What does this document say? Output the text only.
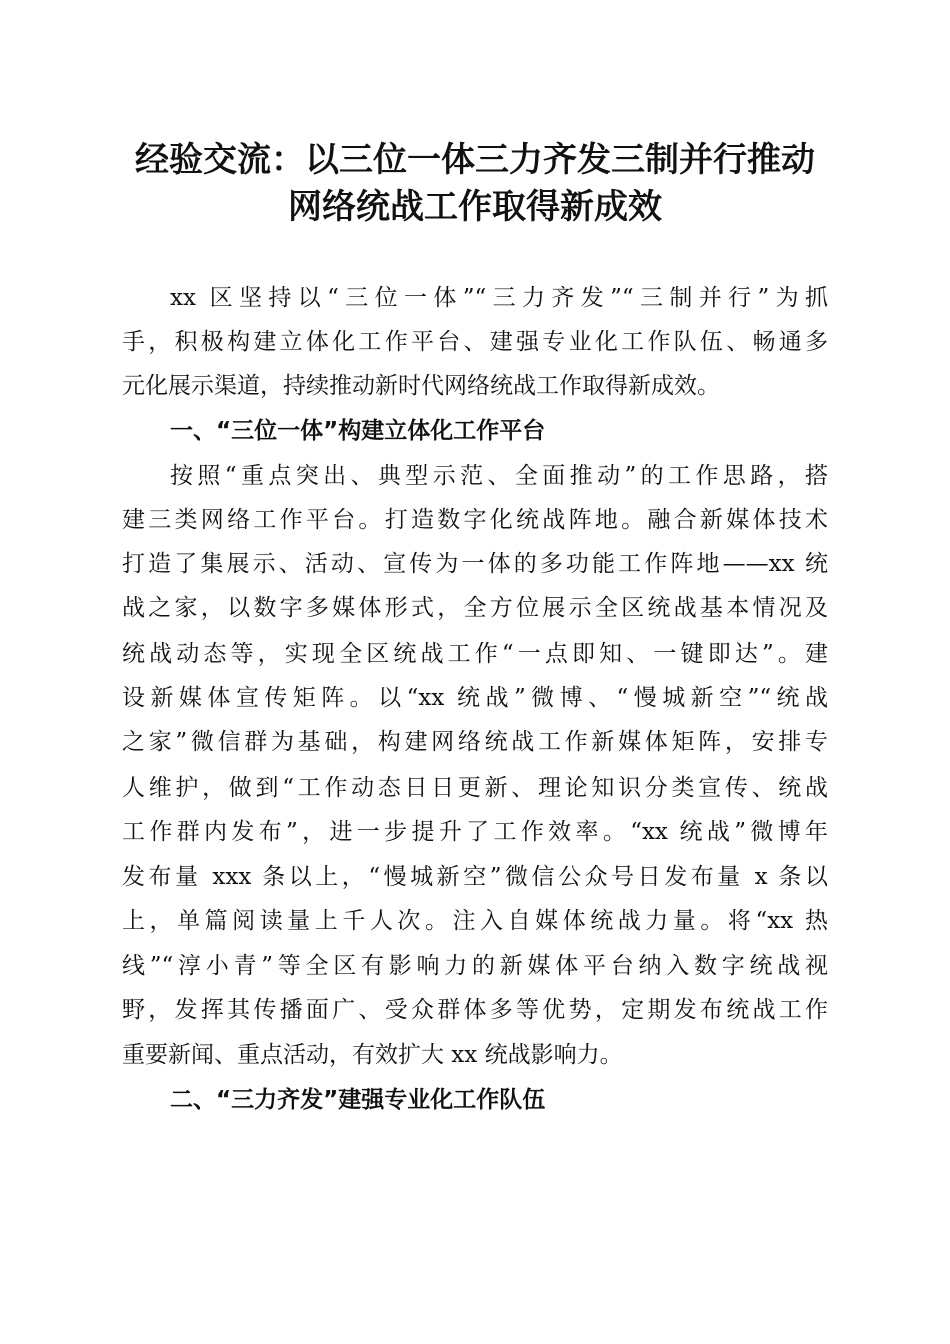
经验交流：以三位一体三力齐发三制并行推动
网络统战工作取得新成效

xx 区坚持以“三位一体”“三力齐发”“三制并行”为抓

手，积极构建立体化工作平台、建强专业化工作队伍、畅通多

元化展示渠道，持续推动新时代网络统战工作取得新成效。

一、“三位一体”构建立体化工作平台

按照“重点突出、典型示范、全面推动”的工作思路，搭

建三类网络工作平台。打造数字化统战阵地。融合新媒体技术

打造了集展示、活动、宣传为一体的多功能工作阵地——xx 统

战之家，以数字多媒体形式，全方位展示全区统战基本情况及

统战动态等，实现全区统战工作“一点即知、一键即达”。建

设新媒体宣传矩阵。以“xx 统战”微博、“慢城新空”“统战

之家”微信群为基础，构建网络统战工作新媒体矩阵，安排专

人维护，做到“工作动态日日更新、理论知识分类宣传、统战

工作群内发布”，进一步提升了工作效率。“xx 统战”微博年

发布量 xxx 条以上，“慢城新空”微信公众号日发布量 x 条以

上，单篇阅读量上千人次。注入自媒体统战力量。将“xx 热

线”“淳小青”等全区有影响力的新媒体平台纳入数字统战视

野，发挥其传播面广、受众群体多等优势，定期发布统战工作

重要新闻、重点活动，有效扩大 xx 统战影响力。

二、“三力齐发”建强专业化工作队伍
